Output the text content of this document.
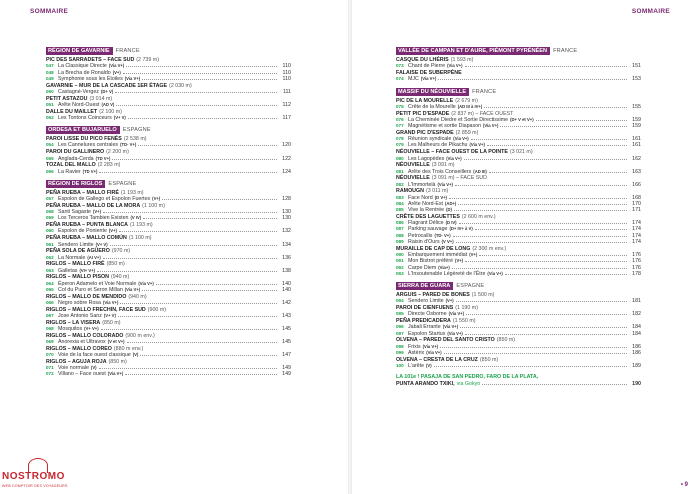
SOMMAIRE
RÉGION DE GAVARNIE	FRANCE
PIC DES SARRADETS – FACE SUD (2 739 m)
047 La Classique Directe (Via V+)	110
048 La Brecha de Ronaldo (V+)	110
049 Symphonie sous les Étoiles (Via V+)	110
GAVARNIE – MUR DE LA CASCADE 1ER ÉTAGE (2 030 m)
050 Castagné-Vergez (D+ V)	111
PETIT ASTAZOU (3 014 m)
051 Arête Nord-Ouest (AD V)	112
DALLE DU MAILLET (2 100 m)
052 Les Tontons Coinceurs (V+ V)	117
ORDESA ET BUJARUELO	ESPAGNE
PAROI LISSE DU PICO FENÉS (2 538 m)
054 Les Cannelures centrales (TD- V+)	120
PAROI DU GALLINERO (2 200 m)
055 Anglada-Cerda (TD V+)	122
TOZAL DEL MALLO (2 283 m)
056 La Ravier (TD V+)	124
RÉGION DE RIGLOS	ESPAGNE
PEÑA RUEBA – MALLO FIRÉ (1 193 m)
057 Espolon de Gallego et Espolon Fuertes (V+)	128
PEÑA RUEBA – MALLO DE LA MORA (1 100 m)
058 Santi Sagaste (V+)	130
059 Los Terceros Tambien Existen (V IV)	130
PEÑA RUEBA – PUNTA BLANCA (1 193 m)
060 Espolon de Poniente (V+)	132
PEÑA RUEBA – MALLO COMÚN (1 100 m)
061 Sendero Limite (V+ V)	134
PEÑA SOLA DE AGÜERO (970 m)
062 La Normale (AI V+)	136
RIGLOS – MALLO FIRÉ (850 m)
063 Galletas (VI+ V+)	138
RIGLOS – MALLO PISON (940 m)
064 Éperon Adamelo et Voie Normale (Via V+)	140
065 Col du Puro et Seron Millan (Via V+)	140
RIGLOS – MALLO DE MENDIDO (940 m)
066 Negro sobre Rosa (Via V+)	142
RIGLOS – MALLO FRECHIN, FACE SUD (900 m)
067 Jose Antonio Sanz (V+ V)	143
RIGLOS – LA VISERA (850 m)
068 Mosquitos (V+ V+)	145
RIGLOS – MALLO COLORADO (900 m env.)
069 Anorexia et Ultravox (V et V+)	145
RIGLOS – MALLO COREO (880 m env.)
070 Voie de la face ouest classique (V)	147
RIGLOS – AGUJA ROJA (850 m)
071 Voie normale (V)	149
072 Villano – Face ouest (Via V+)	149
NOSTROMO
WEB COMPTOIR DES VOYAGEURS
SOMMAIRE
VALLÉE DE CAMPAN ET D'AURE, PIÉMONT PYRÉNÉEN	FRANCE
CASQUE DU LHÉRIS (1 593 m)
073 Chant de Pierre (Via V+)	151
FALAISE DE SUBERPÈNE
074 MJC (Via V+)	153
MASSIF DU NÉOUVIELLE	FRANCE
PIC DE LA MOURELLE (2 679 m)
075 Crête de la Mourelle (AD III à IV+)	155
PETIT PIC D'ESPADE (2 837 m) – FACE OUEST
076 La Cheminée Diedre et Sortie Directissime (D+ V et V+)	159
077 Magnétisme et sortie Diapason (Via V+)	159
GRAND PIC D'ESPADE (2 859 m)
078 Réunion syndicale (Via V+)	161
079 Les Malheurs de Pikachu (Via V+)	161
NÉOUVIELLE – FACE OUEST DE LA POINTE (3 021 m)
080 Les Lagopèdes (Via V+)	162
NÉOUVIELLE (3 091 m)
081 Arête des Trois Conseillers (AD III)	163
NÉOUVIELLE (3 091 m) – FACE SUD
082 L'Immortelà (Via V+)	166
RAMOUGN (3 011 m)
083 Face Nord (D V+)	168
084 Arête Nord-Est (AD+)	170
085 Vive la Rentrée (D)	171
CRÊTE DES LAGUETTES (2 600 m env.)
086 Flagrant Délice (D IV)	174
087 Parking sauvage (D+ IV+ à V)	174
088 Petrocallis (TD- V+)	174
089 Raisin d'Ours (V V+)	174
MURAILLE DE CAP DE LONG (2 300 m env.)
090 Embarquement immédiat (V+)	176
091 Mon Bistrot préféré (V+)	176
092 Carpe Diem (Via+)	176
093 L'Insoutenable Légèreté de l'Être (Via V+)	178
SIERRA DE GUARA	ESPAGNE
ARGUIS – PARED DE BONES (1 500 m)
094 Sendero Limite (V+)	181
PAROI DE CIENFUENS (1 190 m)
095 Directe Osborne (Via V+)	182
PEÑA PREDICADERA (1 550 m)
096 Jabali Errante (Via V+)	184
097 Espolon Startux (Via V+)	184
OLVENA – PARED DEL SANTO CRISTO (850 m)
098 Frixis (Via V+)	186
099 Astérix (Via V+)	186
OLVENA – CRESTA DE LA CRUZ (850 m)
100 L'arête (V)	189
LA 101e ! PASAJA DE SAN PEDRO, FARO DE LA PLATA,
PUNTA ARANDO TXIKI, via Gokyo	190
• 9
